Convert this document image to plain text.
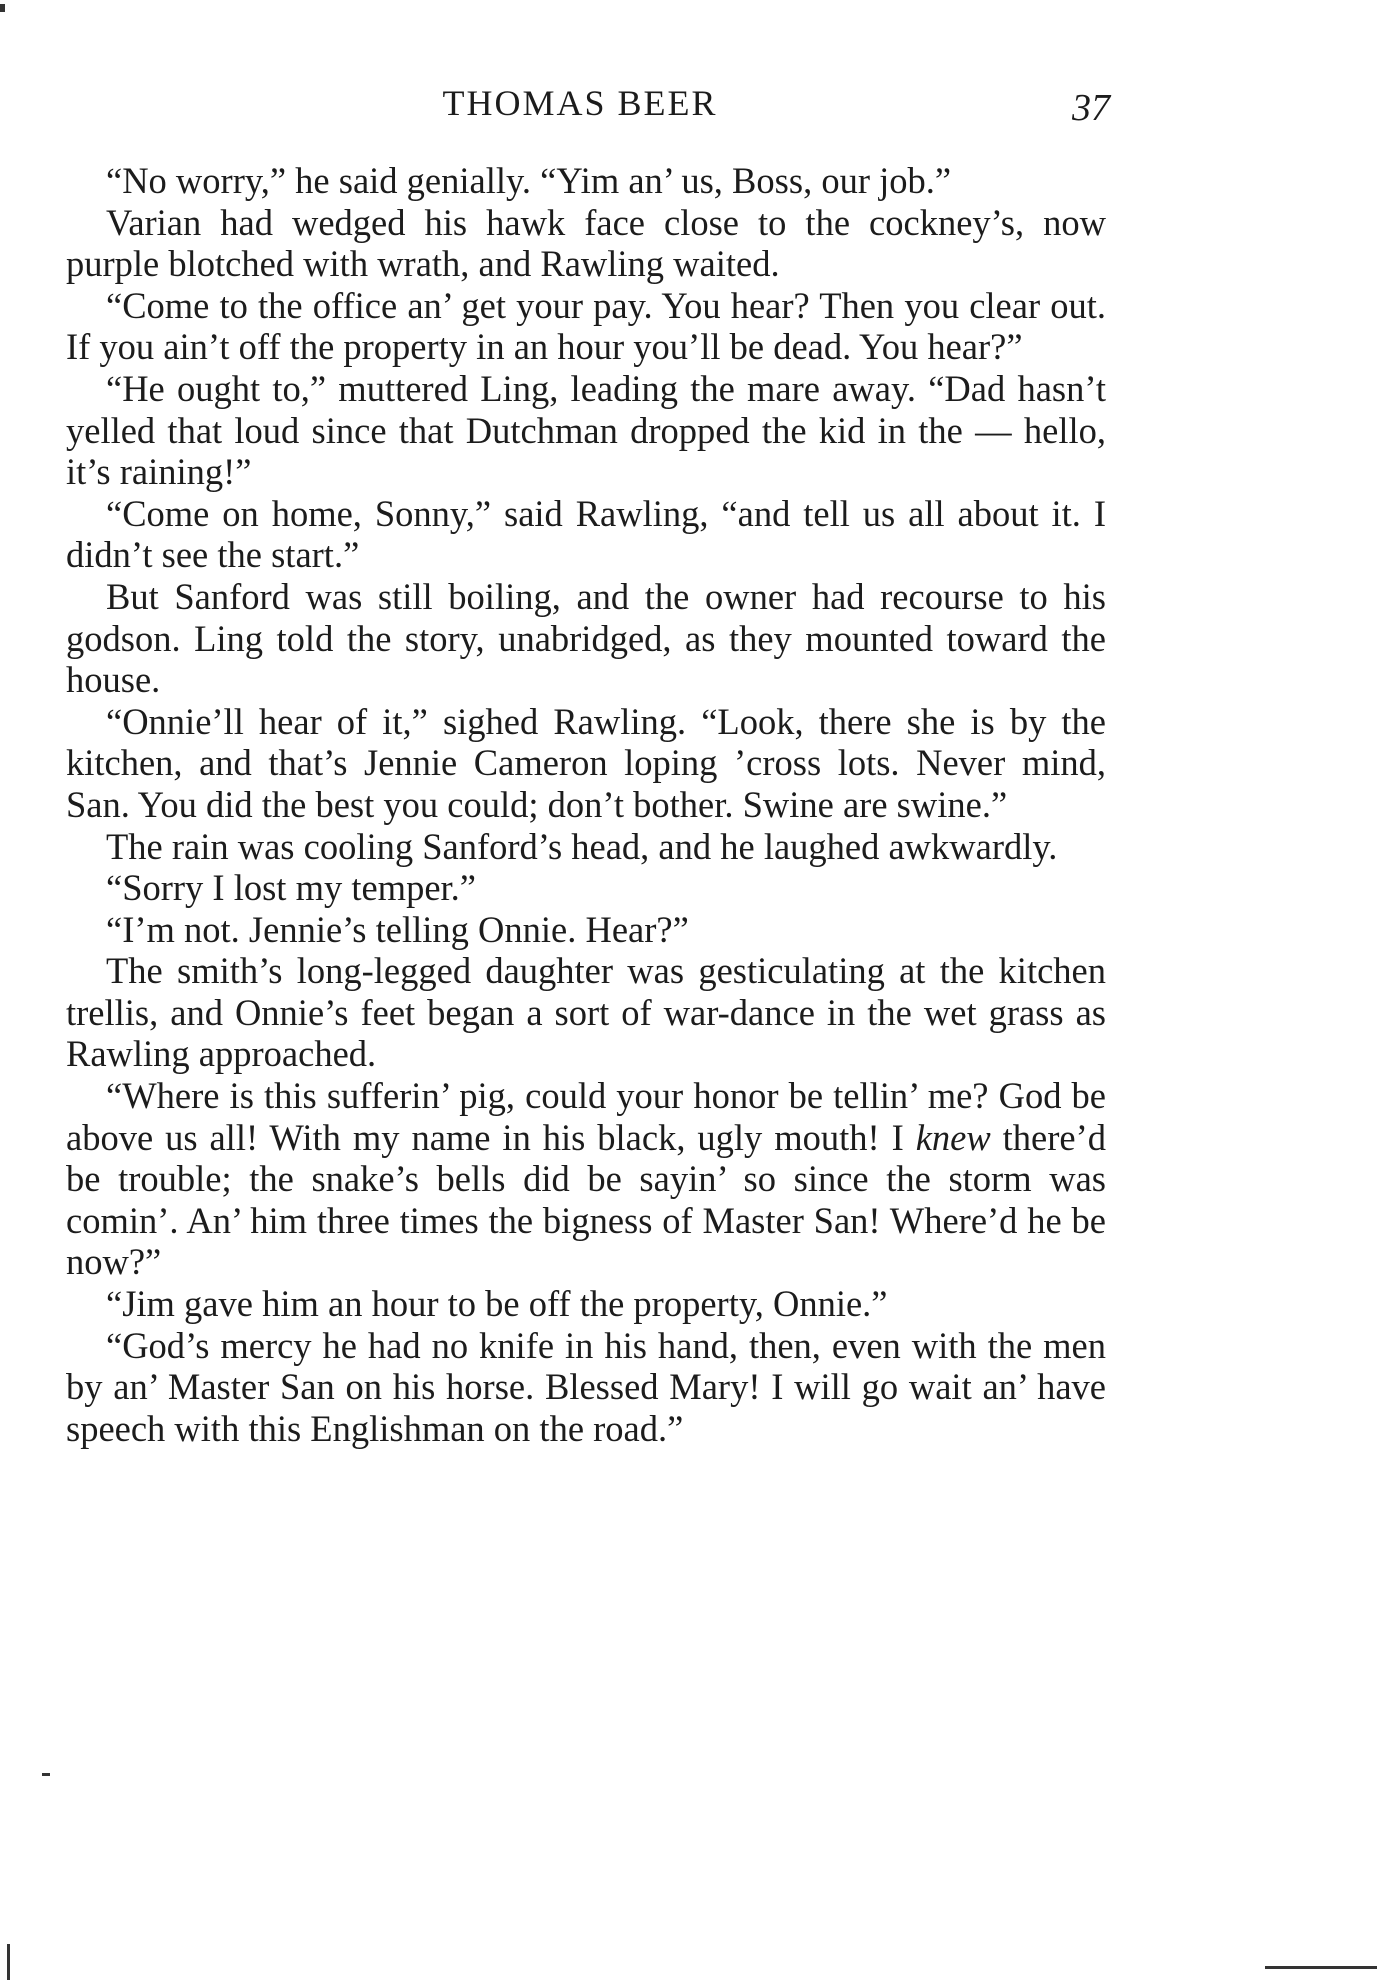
THOMAS BEER	37

“No worry,” he said genially. “Yim an’ us, Boss, our job.”

Varian had wedged his hawk face close to the cockney’s, now purple blotched with wrath, and Rawling waited.

“Come to the office an’ get your pay. You hear? Then you clear out. If you ain’t off the property in an hour you’ll be dead. You hear?”

“He ought to,” muttered Ling, leading the mare away. “Dad hasn’t yelled that loud since that Dutchman dropped the kid in the — hello, it’s raining!”

“Come on home, Sonny,” said Rawling, “and tell us all about it. I didn’t see the start.”

But Sanford was still boiling, and the owner had recourse to his godson. Ling told the story, unabridged, as they mounted toward the house.

“Onnie’ll hear of it,” sighed Rawling. “Look, there she is by the kitchen, and that’s Jennie Cameron loping ’cross lots. Never mind, San. You did the best you could; don’t bother. Swine are swine.”

The rain was cooling Sanford’s head, and he laughed awkwardly.

“Sorry I lost my temper.”

“I’m not. Jennie’s telling Onnie. Hear?”

The smith’s long-legged daughter was gesticulating at the kitchen trellis, and Onnie’s feet began a sort of war-dance in the wet grass as Rawling approached.

“Where is this sufferin’ pig, could your honor be tellin’ me? God be above us all! With my name in his black, ugly mouth! I knew there’d be trouble; the snake’s bells did be sayin’ so since the storm was comin’. An’ him three times the bigness of Master San! Where’d he be now?”

“Jim gave him an hour to be off the property, Onnie.”

“God’s mercy he had no knife in his hand, then, even with the men by an’ Master San on his horse. Blessed Mary! I will go wait an’ have speech with this Englishman on the road.”
